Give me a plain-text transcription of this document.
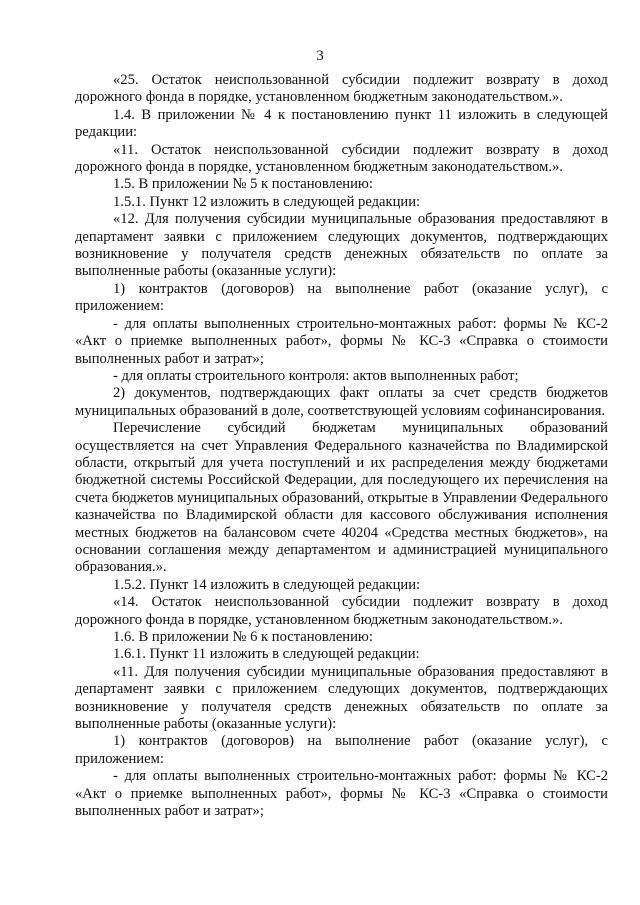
3

«25. Остаток неиспользованной субсидии подлежит возврату в доход дорожного фонда в порядке, установленном бюджетным законодательством.».

1.4. В приложении № 4 к постановлению пункт 11 изложить в следующей редакции:

«11. Остаток неиспользованной субсидии подлежит возврату в доход дорожного фонда в порядке, установленном бюджетным законодательством.».

1.5. В приложении № 5 к постановлению:

1.5.1. Пункт 12 изложить в следующей редакции:

«12. Для получения субсидии муниципальные образования предоставляют в департамент заявки с приложением следующих документов, подтверждающих возникновение у получателя средств денежных обязательств по оплате за выполненные работы (оказанные услуги):

1) контрактов (договоров) на выполнение работ (оказание услуг), с приложением:

- для оплаты выполненных строительно-монтажных работ: формы № КС-2 «Акт о приемке выполненных работ», формы № КС-3 «Справка о стоимости выполненных работ и затрат»;

- для оплаты строительного контроля: актов выполненных работ;

2) документов, подтверждающих факт оплаты за счет средств бюджетов муниципальных образований в доле, соответствующей условиям софинансирования.

Перечисление субсидий бюджетам муниципальных образований осуществляется на счет Управления Федерального казначейства по Владимирской области, открытый для учета поступлений и их распределения между бюджетами бюджетной системы Российской Федерации, для последующего их перечисления на счета бюджетов муниципальных образований, открытые в Управлении Федерального казначейства по Владимирской области для кассового обслуживания исполнения местных бюджетов на балансовом счете 40204 «Средства местных бюджетов», на основании соглашения между департаментом и администрацией муниципального образования.».

1.5.2. Пункт 14 изложить в следующей редакции:

«14. Остаток неиспользованной субсидии подлежит возврату в доход дорожного фонда в порядке, установленном бюджетным законодательством.».

1.6. В приложении № 6 к постановлению:

1.6.1. Пункт 11 изложить в следующей редакции:

«11. Для получения субсидии муниципальные образования предоставляют в департамент заявки с приложением следующих документов, подтверждающих возникновение у получателя средств денежных обязательств по оплате за выполненные работы (оказанные услуги):

1) контрактов (договоров) на выполнение работ (оказание услуг), с приложением:

- для оплаты выполненных строительно-монтажных работ: формы № КС-2 «Акт о приемке выполненных работ», формы № КС-3 «Справка о стоимости выполненных работ и затрат»;
